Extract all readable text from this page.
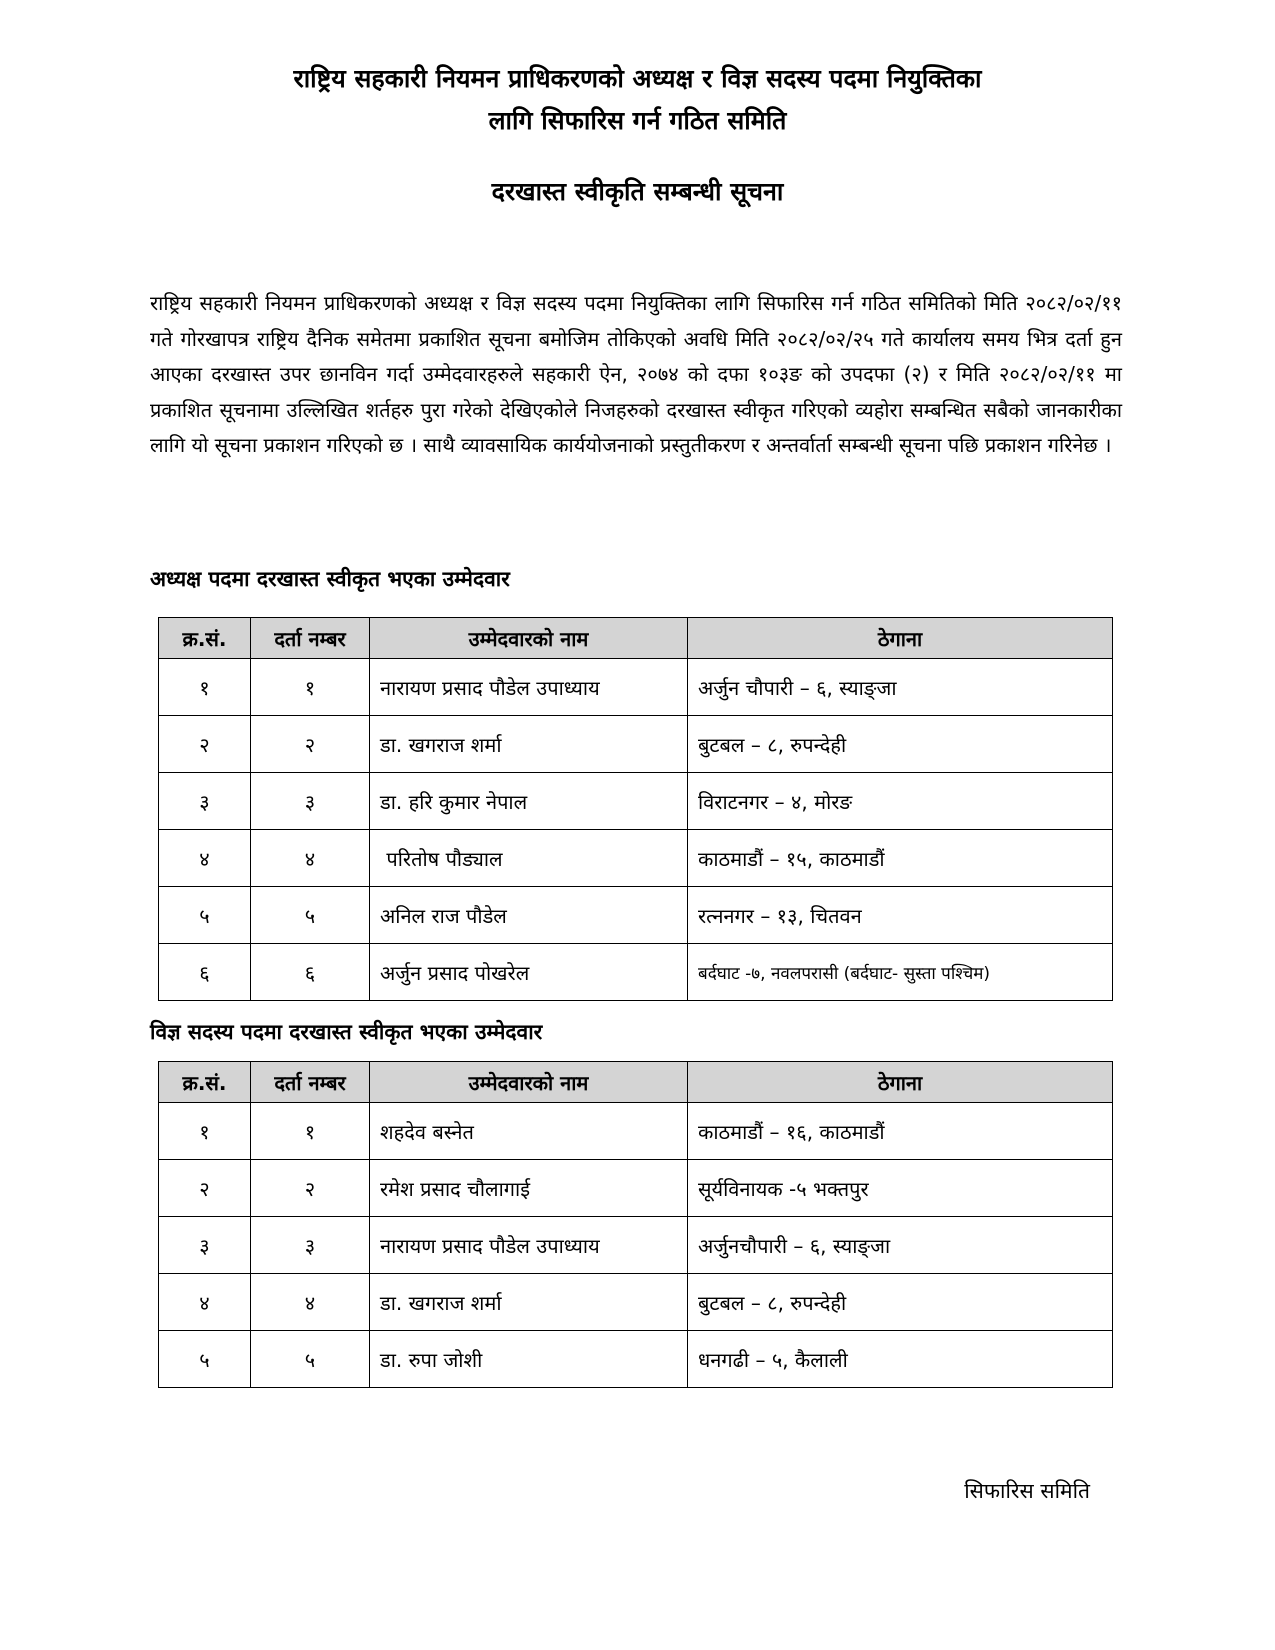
राष्ट्रिय सहकारी नियमन प्राधिकरणको अध्यक्ष र विज्ञ सदस्य पदमा नियुक्तिका
लागि सिफारिस गर्न गठित समिति
दरखास्त स्वीकृति सम्बन्धी सूचना
राष्ट्रिय सहकारी नियमन प्राधिकरणको अध्यक्ष र विज्ञ सदस्य पदमा नियुक्तिका लागि सिफारिस गर्न गठित समितिको मिति २०८२/०२/११ गते गोरखापत्र राष्ट्रिय दैनिक समेतमा प्रकाशित सूचना बमोजिम तोकिएको अवधि मिति २०८२/०२/२५ गते कार्यालय समय भित्र दर्ता हुन आएका दरखास्त उपर छानविन गर्दा उम्मेदवारहरुले सहकारी ऐन, २०७४ को दफा १०३ङ को उपदफा (२) र मिति २०८२/०२/११ मा प्रकाशित सूचनामा उल्लिखित शर्तहरु पुरा गरेको देखिएकोले निजहरुको दरखास्त स्वीकृत गरिएको व्यहोरा सम्बन्धित सबैको जानकारीका लागि यो सूचना प्रकाशन गरिएको छ । साथै व्यावसायिक कार्ययोजनाको प्रस्तुतीकरण र अन्तर्वार्ता सम्बन्धी सूचना पछि प्रकाशन गरिनेछ ।
अध्यक्ष पदमा दरखास्त स्वीकृत भएका उम्मेदवार
क्र.सं.	दर्ता नम्बर	उम्मेदवारको नाम	ठेगाना
१	१	नारायण प्रसाद पौडेल उपाध्याय	अर्जुन चौपारी – ६, स्याङ्जा
२	२	डा. खगराज शर्मा	बुटबल – ८, रुपन्देही
३	३	डा. हरि कुमार नेपाल	विराटनगर – ४, मोरङ
४	४	परितोष पौड्याल	काठमाडौं – १५, काठमाडौं
५	५	अनिल राज पौडेल	रत्ननगर – १३, चितवन
६	६	अर्जुन प्रसाद पोखरेल	बर्दघाट -७, नवलपरासी (बर्दघाट- सुस्ता पश्चिम)
विज्ञ सदस्य पदमा दरखास्त स्वीकृत भएका उम्मेदवार
क्र.सं.	दर्ता नम्बर	उम्मेदवारको नाम	ठेगाना
१	१	शहदेव बस्नेत	काठमाडौं – १६, काठमाडौं
२	२	रमेश प्रसाद चौलागाई	सूर्यविनायक -५ भक्तपुर
३	३	नारायण प्रसाद पौडेल उपाध्याय	अर्जुनचौपारी – ६, स्याङ्जा
४	४	डा. खगराज शर्मा	बुटबल – ८, रुपन्देही
५	५	डा. रुपा जोशी	धनगढी – ५, कैलाली
सिफारिस समिति
